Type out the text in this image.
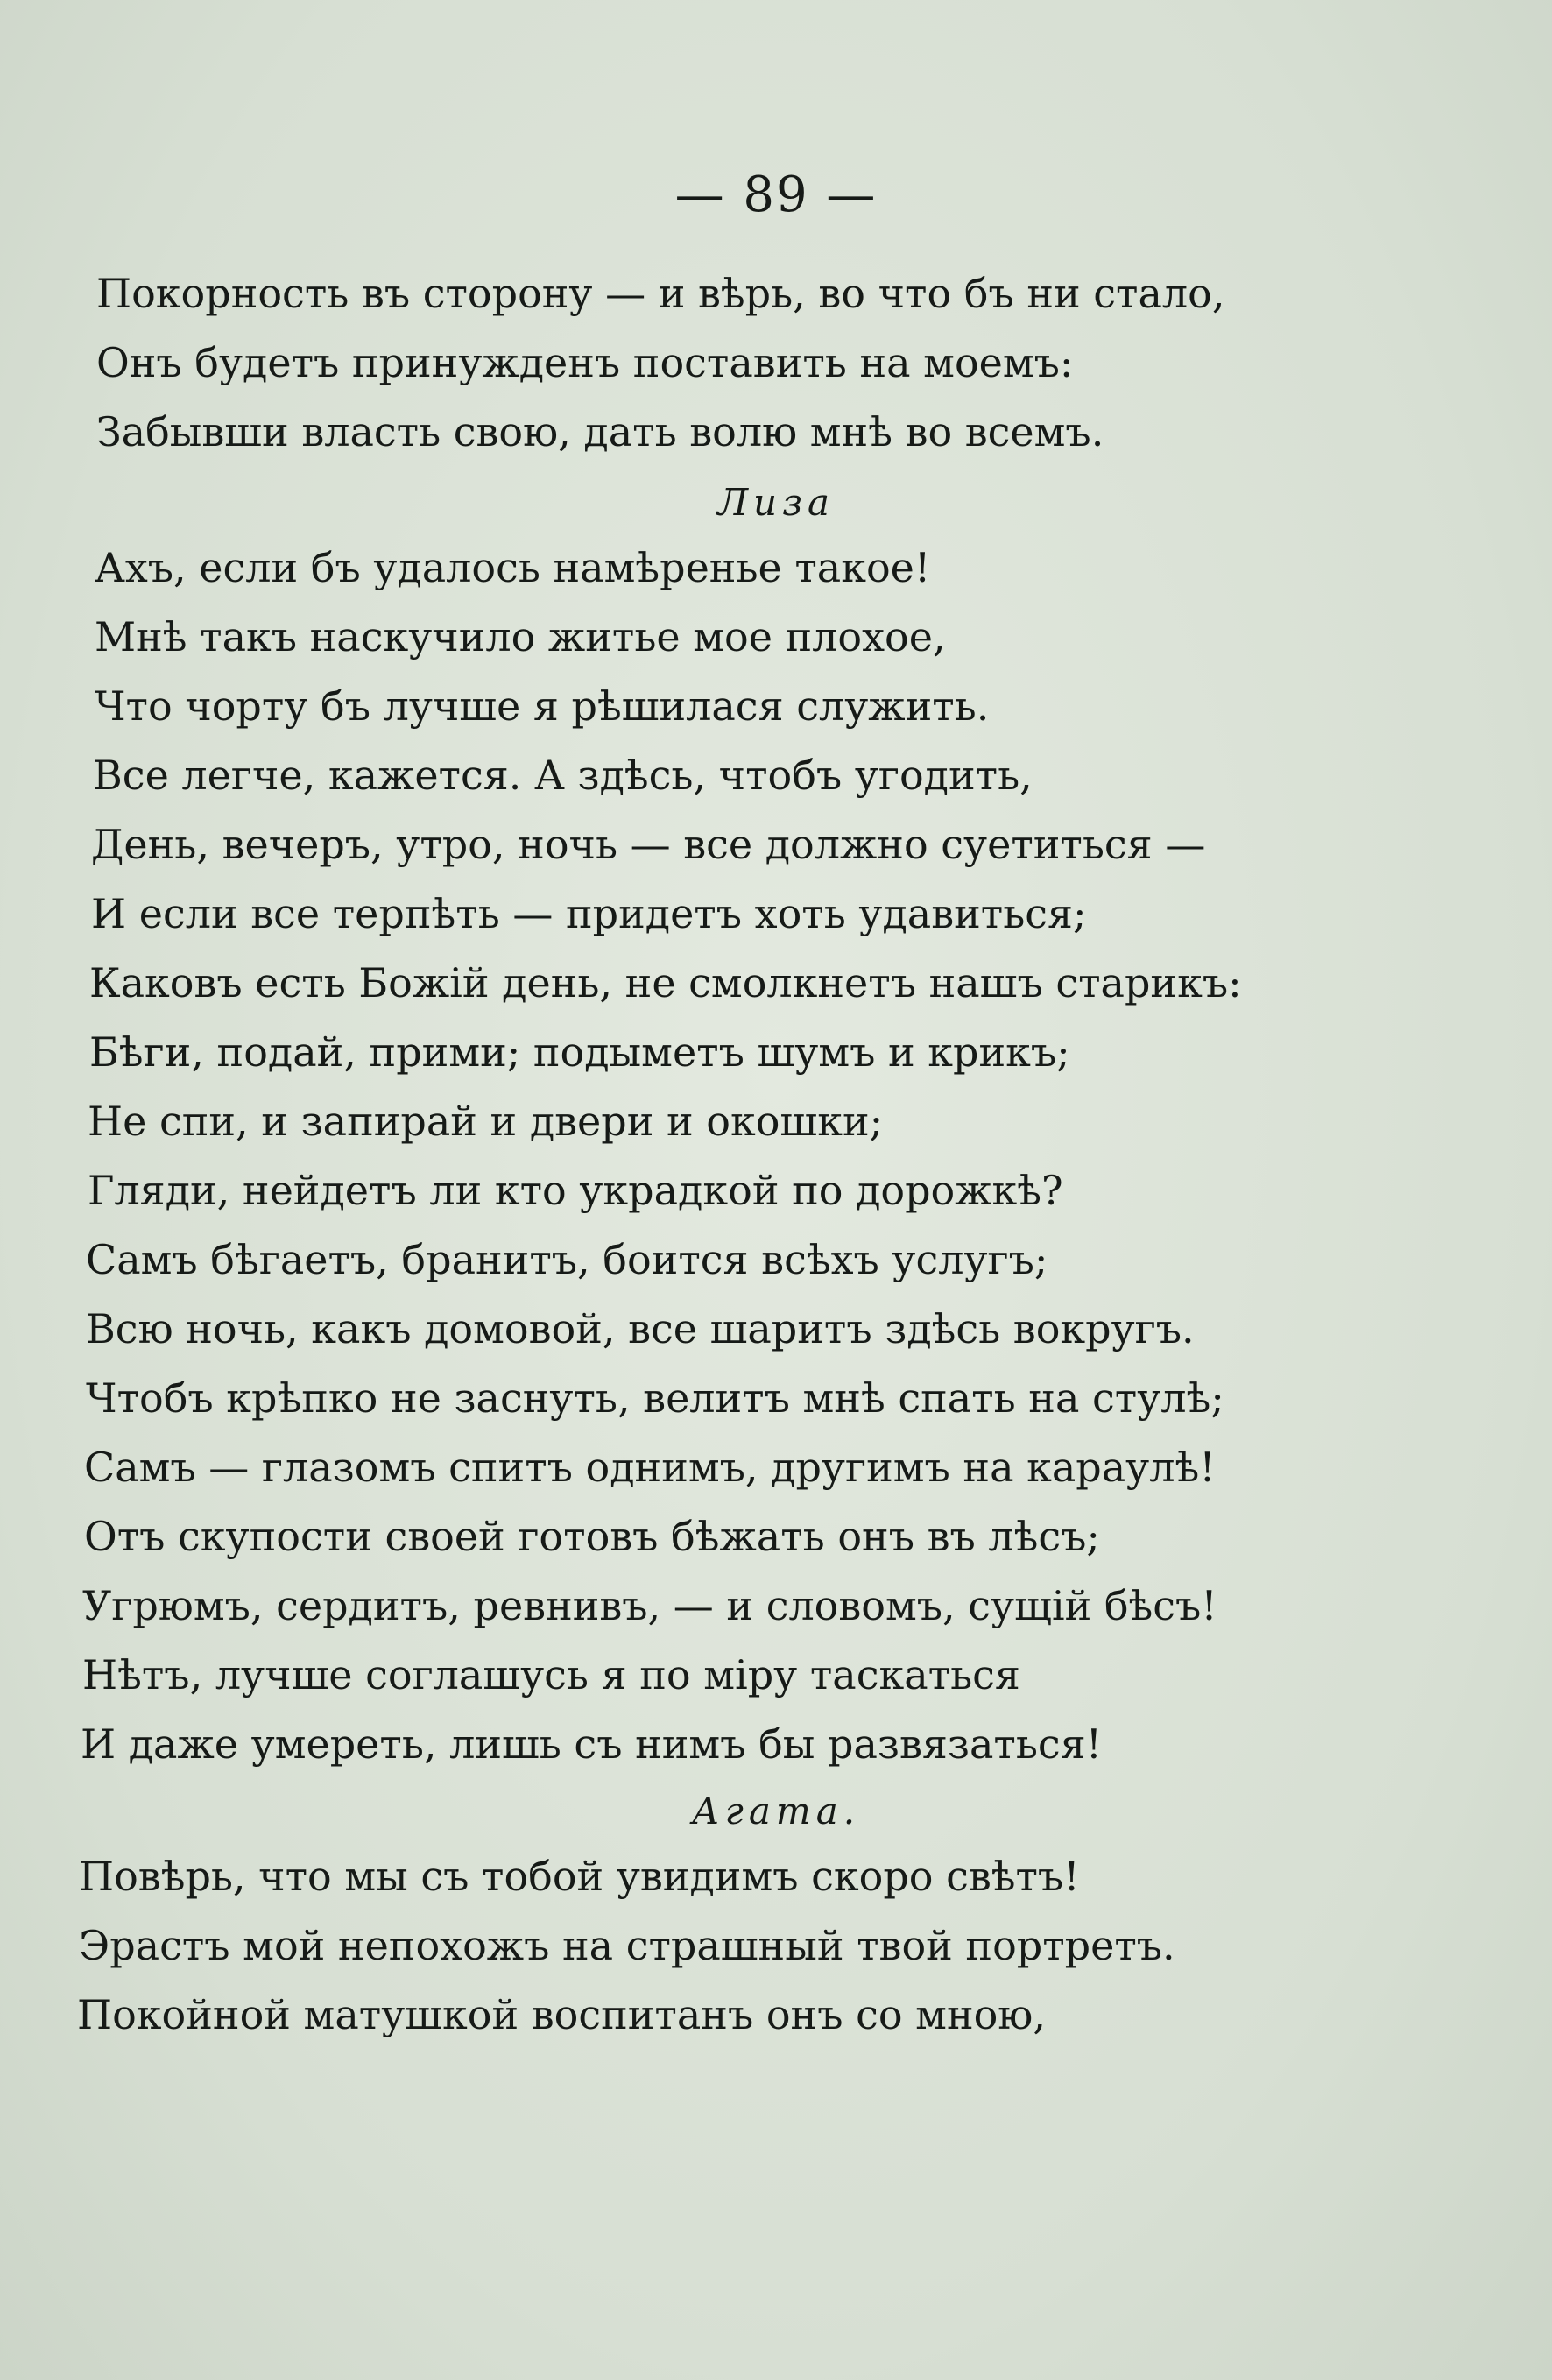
— 89 —
Покорность въ сторону — и вѣрь, во что бъ ни стало,
Онъ будетъ принужденъ поставить на моемъ:
Забывши власть свою, дать волю мнѣ во всемъ.
Лиза
Ахъ, если бъ удалось намѣренье такое!
Мнѣ такъ наскучило житье мое плохое,
Что чорту бъ лучше я рѣшилася служить.
Все легче, кажется. А здѣсь, чтобъ угодить,
День, вечеръ, утро, ночь — все должно суетиться —
И если все терпѣть — придетъ хоть удавиться;
Каковъ есть Божій день, не смолкнетъ нашъ старикъ:
Бѣги, подай, прими; подыметъ шумъ и крикъ;
Не спи, и запирай и двери и окошки;
Гляди, нейдетъ ли кто украдкой по дорожкѣ?
Самъ бѣгаетъ, бранитъ, боится всѣхъ услугъ;
Всю ночь, какъ домовой, все шаритъ здѣсь вокругъ.
Чтобъ крѣпко не заснуть, велитъ мнѣ спать на стулѣ;
Самъ — глазомъ спитъ однимъ, другимъ на караулѣ!
Отъ скупости своей готовъ бѣжать онъ въ лѣсъ;
Угрюмъ, сердитъ, ревнивъ, — и словомъ, сущій бѣсъ!
Нѣтъ, лучше соглашусь я по міру таскаться
И даже умереть, лишь съ нимъ бы развязаться!
Агата.
Повѣрь, что мы съ тобой увидимъ скоро свѣтъ!
Эрастъ мой непохожъ на страшный твой портретъ.
Покойной матушкой воспитанъ онъ со мною,
